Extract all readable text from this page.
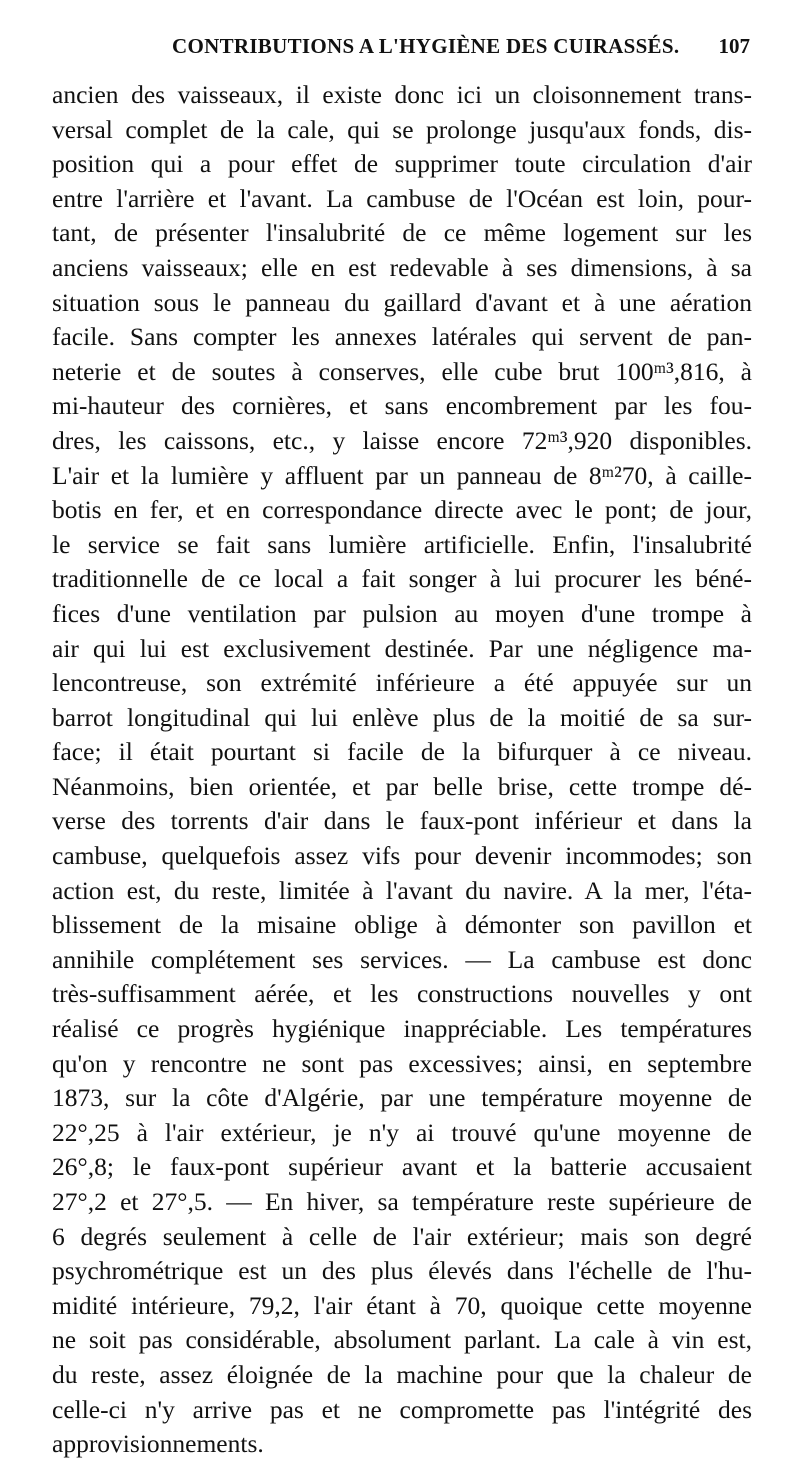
CONTRIBUTIONS A L'HYGIÈNE DES CUIRASSÉS. 107
ancien des vaisseaux, il existe donc ici un cloisonnement trans-
versal complet de la cale, qui se prolonge jusqu'aux fonds, dis-
position qui a pour effet de supprimer toute circulation d'air
entre l'arrière et l'avant. La cambuse de l'Océan est loin, pour-
tant, de présenter l'insalubrité de ce même logement sur les
anciens vaisseaux; elle en est redevable à ses dimensions, à sa
situation sous le panneau du gaillard d'avant et à une aération
facile. Sans compter les annexes latérales qui servent de pan-
neterie et de soutes à conserves, elle cube brut 100ᵐ³,816, à
mi-hauteur des cornières, et sans encombrement par les fou-
dres, les caissons, etc., y laisse encore 72ᵐ³,920 disponibles.
L'air et la lumière y affluent par un panneau de 8ᵐ²70, à caille-
botis en fer, et en correspondance directe avec le pont; de jour,
le service se fait sans lumière artificielle. Enfin, l'insalubrité
traditionnelle de ce local a fait songer à lui procurer les béné-
fices d'une ventilation par pulsion au moyen d'une trompe à
air qui lui est exclusivement destinée. Par une négligence ma-
lencontreuse, son extrémité inférieure a été appuyée sur un
barrot longitudinal qui lui enlève plus de la moitié de sa sur-
face; il était pourtant si facile de la bifurquer à ce niveau.
Néanmoins, bien orientée, et par belle brise, cette trompe dé-
verse des torrents d'air dans le faux-pont inférieur et dans la
cambuse, quelquefois assez vifs pour devenir incommodes; son
action est, du reste, limitée à l'avant du navire. A la mer, l'éta-
blissement de la misaine oblige à démonter son pavillon et
annihile complétement ses services. — La cambuse est donc
très-suffisamment aérée, et les constructions nouvelles y ont
réalisé ce progrès hygiénique inappréciable. Les températures
qu'on y rencontre ne sont pas excessives; ainsi, en septembre
1873, sur la côte d'Algérie, par une température moyenne de
22°,25 à l'air extérieur, je n'y ai trouvé qu'une moyenne de
26°,8; le faux-pont supérieur avant et la batterie accusaient
27°,2 et 27°,5. — En hiver, sa température reste supérieure de
6 degrés seulement à celle de l'air extérieur; mais son degré
psychrométrique est un des plus élevés dans l'échelle de l'hu-
midité intérieure, 79,2, l'air étant à 70, quoique cette moyenne
ne soit pas considérable, absolument parlant. La cale à vin est,
du reste, assez éloignée de la machine pour que la chaleur de
celle-ci n'y arrive pas et ne compromette pas l'intégrité des
approvisionnements.
